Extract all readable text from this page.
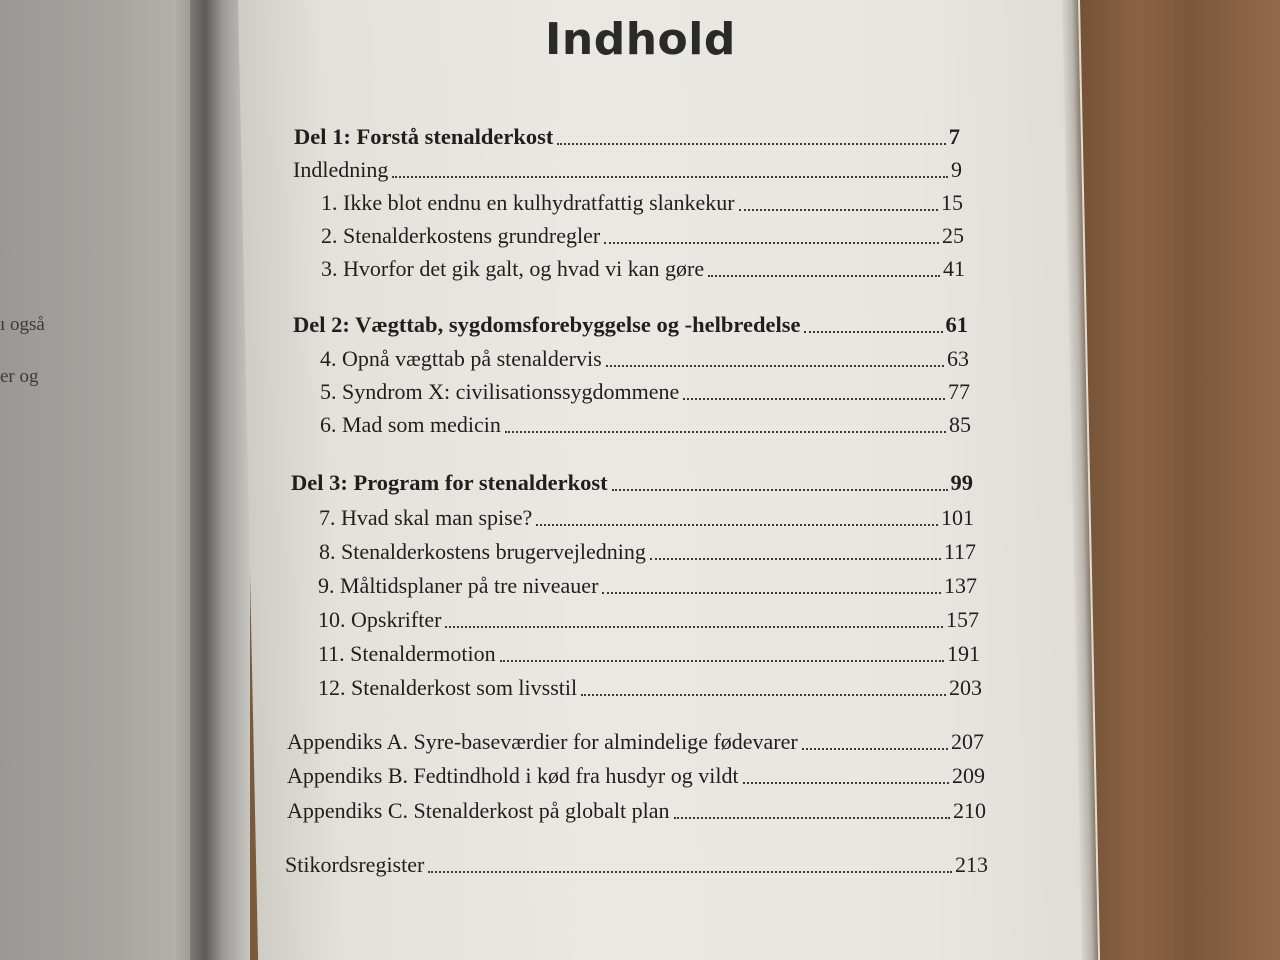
ı også
er og
Indhold
Del 1: Forstå stenalderkost	7
Indledning	9
1. Ikke blot endnu en kulhydratfattig slankekur	15
2. Stenalderkostens grundregler	25
3. Hvorfor det gik galt, og hvad vi kan gøre	41
Del 2: Vægttab, sygdomsforebyggelse og -helbredelse	61
4. Opnå vægttab på stenaldervis	63
5. Syndrom X: civilisationssygdommene	77
6. Mad som medicin	85
Del 3: Program for stenalderkost	99
7. Hvad skal man spise?	101
8. Stenalderkostens brugervejledning	117
9. Måltidsplaner på tre niveauer	137
10. Opskrifter	157
11. Stenaldermotion	191
12. Stenalderkost som livsstil	203
Appendiks A. Syre-baseværdier for almindelige fødevarer	207
Appendiks B. Fedtindhold i kød fra husdyr og vildt	209
Appendiks C. Stenalderkost på globalt plan	210
Stikordsregister	213
